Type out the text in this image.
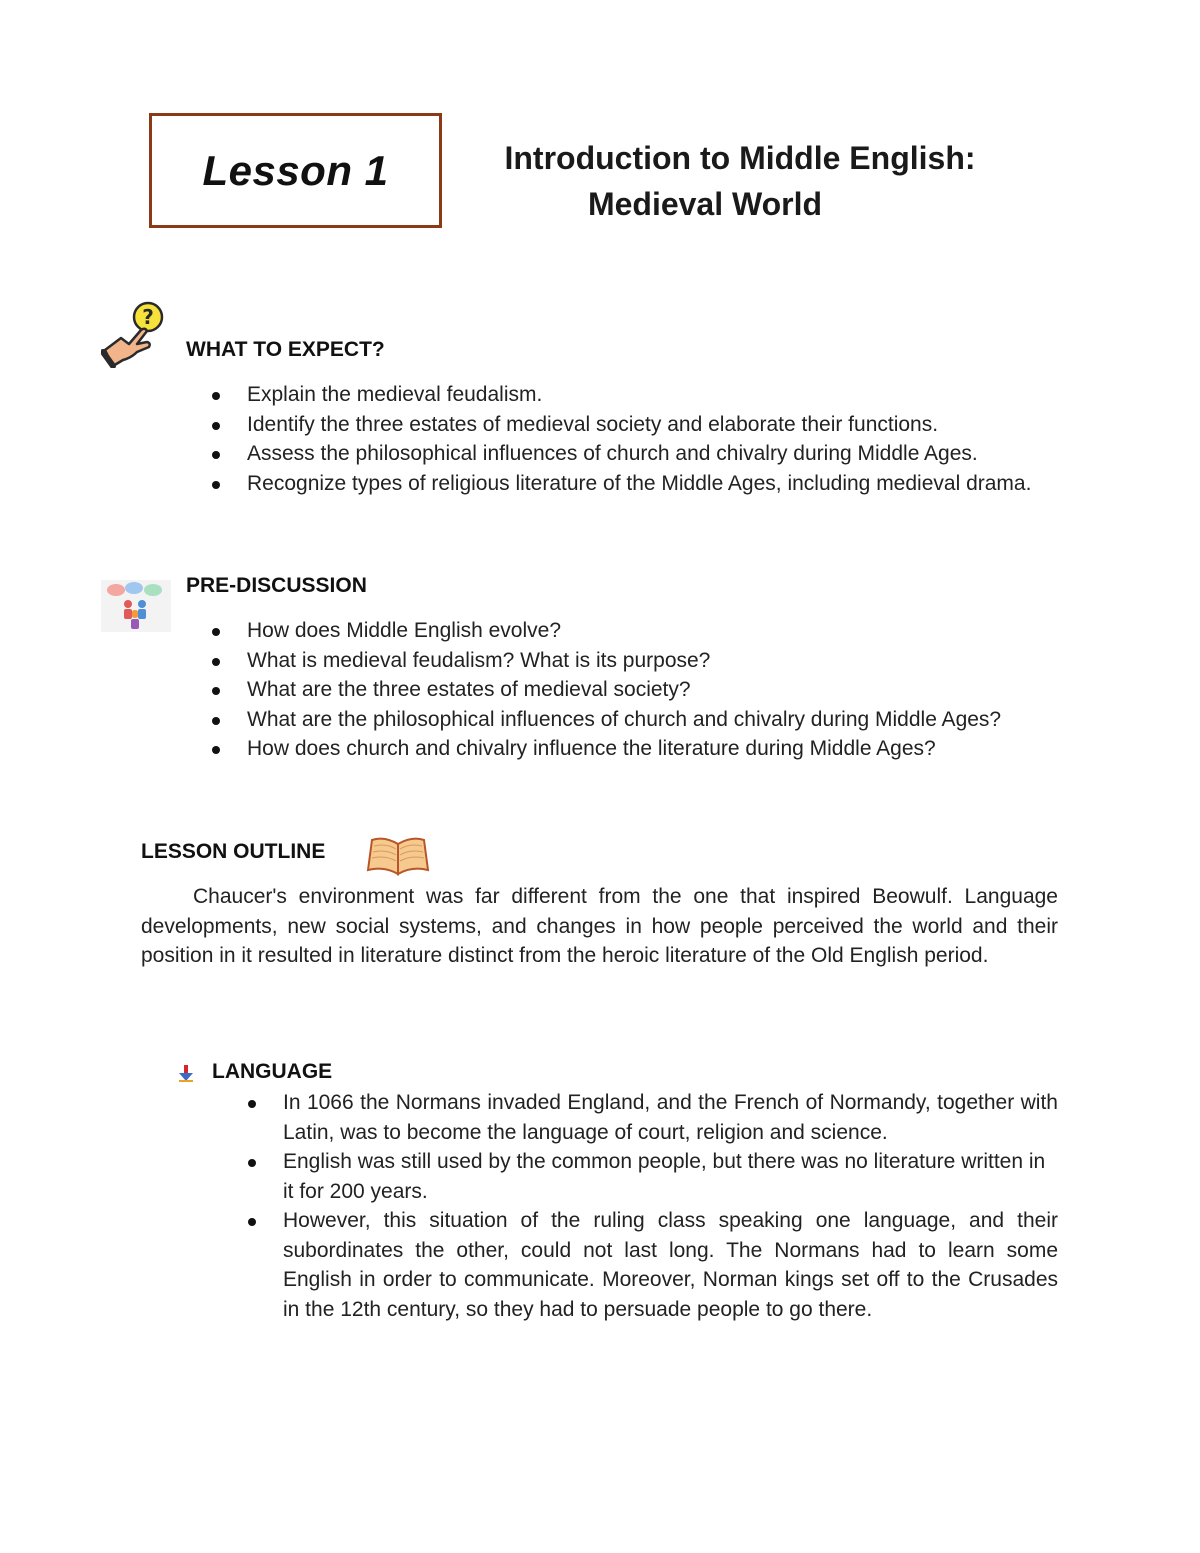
Lesson 1	Introduction to Middle English:
Medieval World
?
WHAT TO EXPECT?
Explain the medieval feudalism.
Identify the three estates of medieval society and elaborate their functions.
Assess the philosophical influences of church and chivalry during Middle Ages.
Recognize types of religious literature of the Middle Ages, including medieval drama.
PRE-DISCUSSION
How does Middle English evolve?
What is medieval feudalism? What is its purpose?
What are the three estates of medieval society?
What are the philosophical influences of church and chivalry during Middle Ages?
How does church and chivalry influence the literature during Middle Ages?
LESSON OUTLINE

Chaucer's environment was far different from the one that inspired Beowulf. Language developments, new social systems, and changes in how people perceived the world and their position in it resulted in literature distinct from the heroic literature of the Old English period.

LANGUAGE
In 1066 the Normans invaded England, and the French of Normandy, together with Latin, was to become the language of court, religion and science.
English was still used by the common people, but there was no literature written in it for 200 years.
However, this situation of the ruling class speaking one language, and their subordinates the other, could not last long. The Normans had to learn some English in order to communicate. Moreover, Norman kings set off to the Crusades in the 12th century, so they had to persuade people to go there.
